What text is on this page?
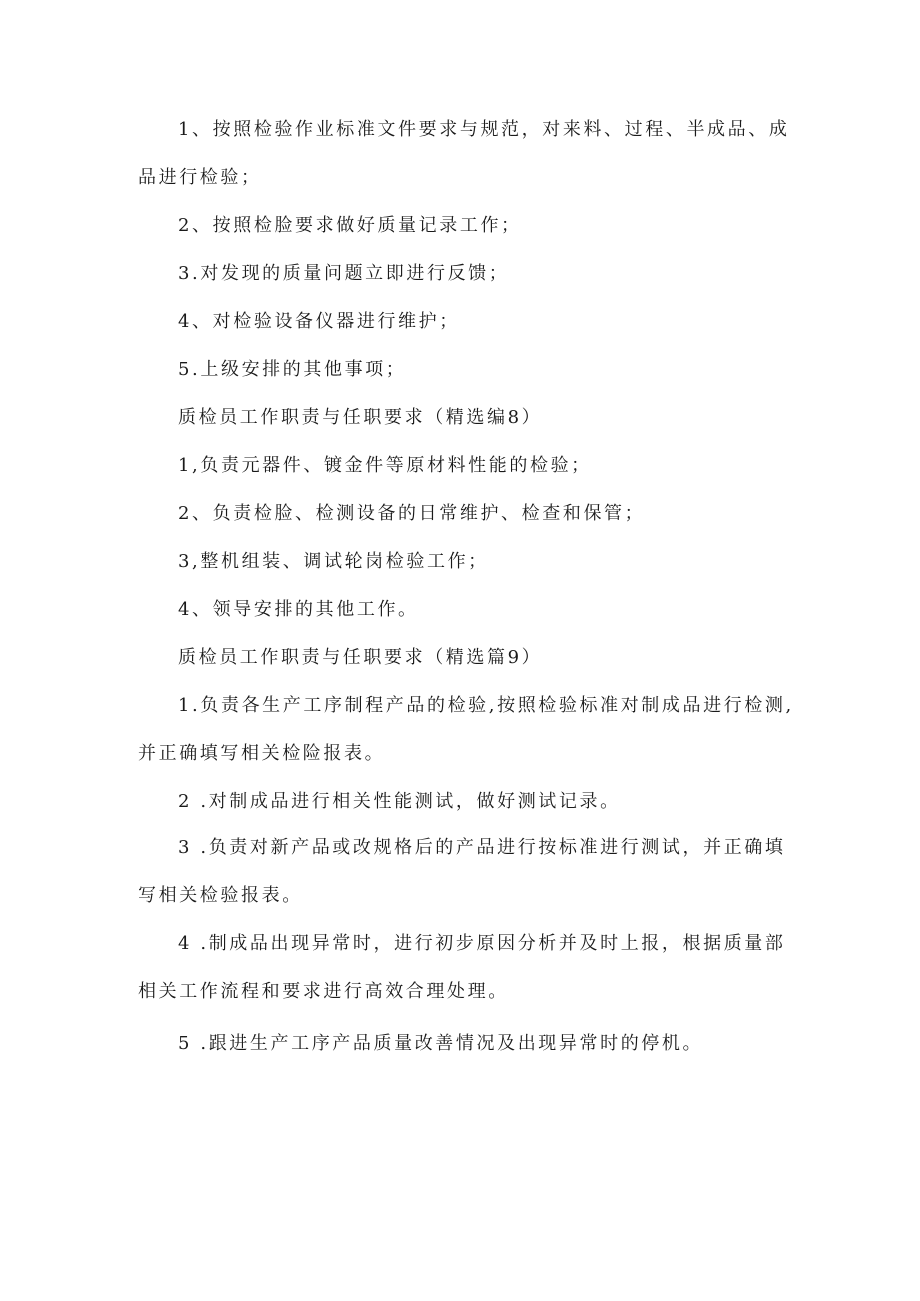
1、按照检验作业标准文件要求与规范，对来料、过程、半成品、成
品进行检验；
2、按照检脸要求做好质量记录工作；
3.对发现的质量问题立即进行反馈；
4、对检验设备仪器进行维护；
5.上级安排的其他事项；
质检员工作职责与任职要求（精选编8）
1,负责元器件、镀金件等原材料性能的检验；
2、负责检脸、检测设备的日常维护、检查和保管；
3,整机组装、调试轮岗检验工作；
4、领导安排的其他工作。
质检员工作职责与任职要求（精选篇9）
1.负责各生产工序制程产品的检验,按照检验标准对制成品进行检测,
并正确填写相关检险报表。
2 .对制成品进行相关性能测试，做好测试记录。
3 .负责对新产品或改规格后的产品进行按标准进行测试，并正确填
写相关检验报表。
4 .制成品出现异常时，进行初步原因分析并及时上报，根据质量部
相关工作流程和要求进行高效合理处理。
5 .跟进生产工序产品质量改善情况及出现异常时的停机。
